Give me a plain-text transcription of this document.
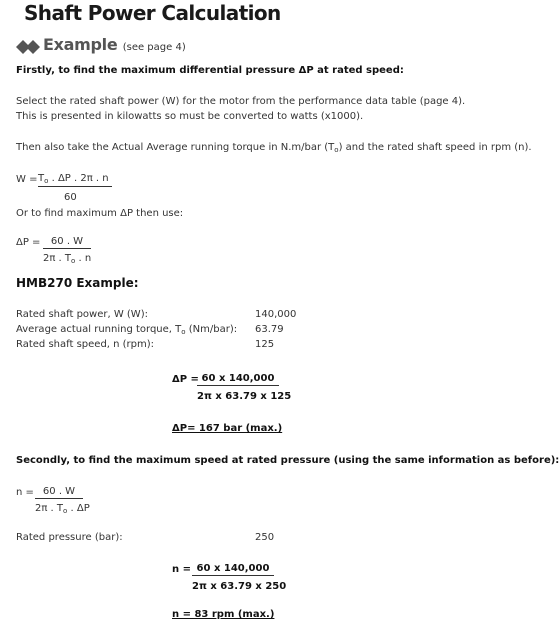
Shaft Power Calculation
Example (see page 4)
Firstly, to find the maximum differential pressure ΔP at rated speed:
Select the rated shaft power (W) for the motor from the performance data table (page 4).
This is presented in kilowatts so must be converted to watts (x1000).
Then also take the Actual Average running torque in N.m/bar $(T_o)$ and the rated shaft speed in rpm (n).
$W = T_o$ . ΔP . 2π . n
60
Or to find maximum ΔP then use:
ΔP =	60 . W
2π . $T_o$ . n
HMB270 Example:
Rated shaft power, W (W):	140,000
Average actual running torque, $T_o$ (Nm/bar): 63.79
Rated shaft speed, n (rpm):	125
ΔP = 60 x 140,000
2π x 63.79 x 125
ΔP= 167 bar (max.)
Secondly, to find the maximum speed at rated pressure (using the same information as before):
n = 60 . W
2π . $T_o$ . ΔP
Rated pressure (bar):	250
n = 60 x 140,000
2π x 63.79 x 250
n = 83 rpm (max.)
